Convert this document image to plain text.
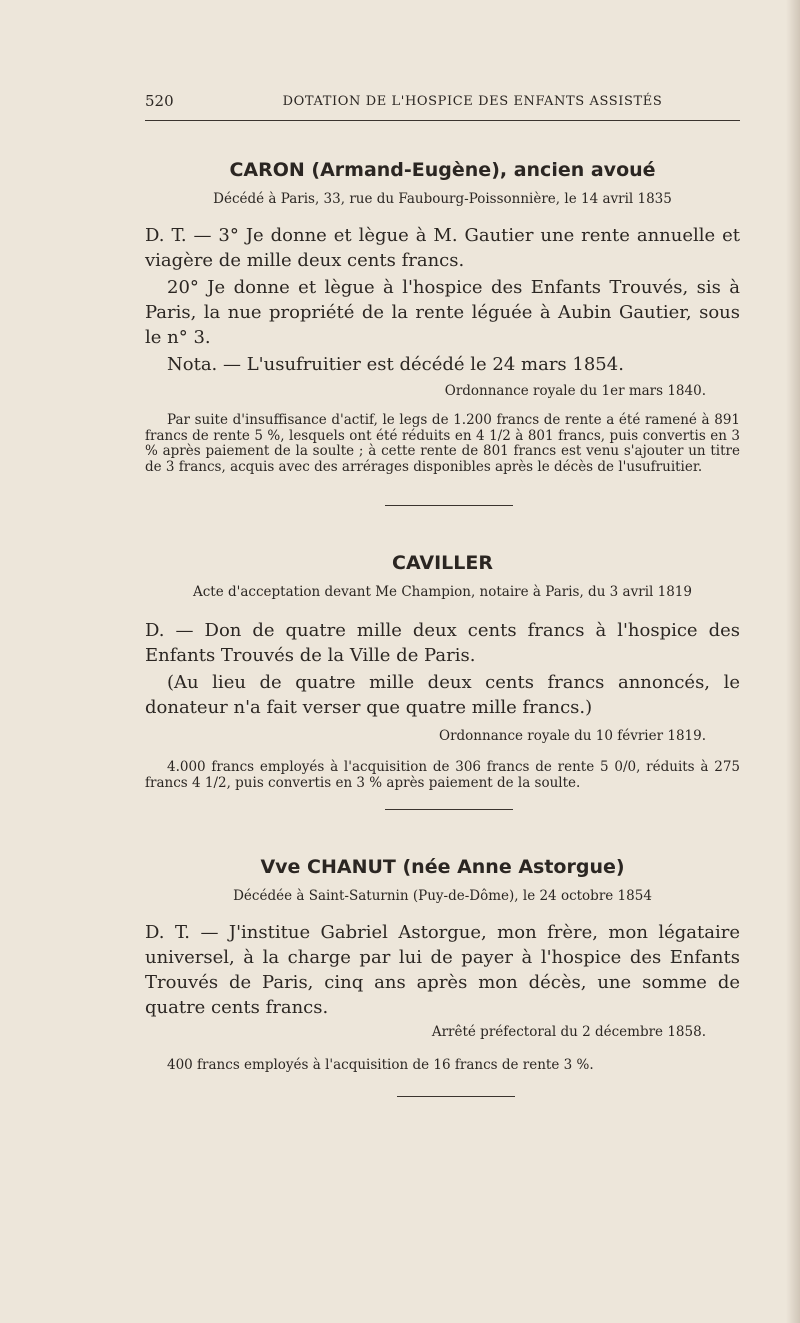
520	DOTATION DE L'HOSPICE DES ENFANTS ASSISTÉS
CARON (Armand-Eugène), ancien avoué

Décédé à Paris, 33, rue du Faubourg-Poissonnière, le 14 avril 1835

D. T. — 3° Je donne et lègue à M. Gautier une rente annuelle et viagère de mille deux cents francs.

20° Je donne et lègue à l'hospice des Enfants Trouvés, sis à Paris, la nue propriété de la rente léguée à Aubin Gautier, sous le n° 3.

Nota. — L'usufruitier est décédé le 24 mars 1854.

Ordonnance royale du 1er mars 1840.

Par suite d'insuffisance d'actif, le legs de 1.200 francs de rente a été ramené à 891 francs de rente 5 %, lesquels ont été réduits en 4 1/2 à 801 francs, puis convertis en 3 % après paiement de la soulte ; à cette rente de 801 francs est venu s'ajouter un titre de 3 francs, acquis avec des arrérages disponibles après le décès de l'usufruitier.

CAVILLER

Acte d'acceptation devant Me Champion, notaire à Paris, du 3 avril 1819

D. — Don de quatre mille deux cents francs à l'hospice des Enfants Trouvés de la Ville de Paris.

(Au lieu de quatre mille deux cents francs annoncés, le donateur n'a fait verser que quatre mille francs.)

Ordonnance royale du 10 février 1819.

4.000 francs employés à l'acquisition de 306 francs de rente 5 0/0, réduits à 275 francs 4 1/2, puis convertis en 3 % après paiement de la soulte.

Vve CHANUT (née Anne Astorgue)

Décédée à Saint-Saturnin (Puy-de-Dôme), le 24 octobre 1854

D. T. — J'institue Gabriel Astorgue, mon frère, mon légataire universel, à la charge par lui de payer à l'hospice des Enfants Trouvés de Paris, cinq ans après mon décès, une somme de quatre cents francs.

Arrêté préfectoral du 2 décembre 1858.

400 francs employés à l'acquisition de 16 francs de rente 3 %.
